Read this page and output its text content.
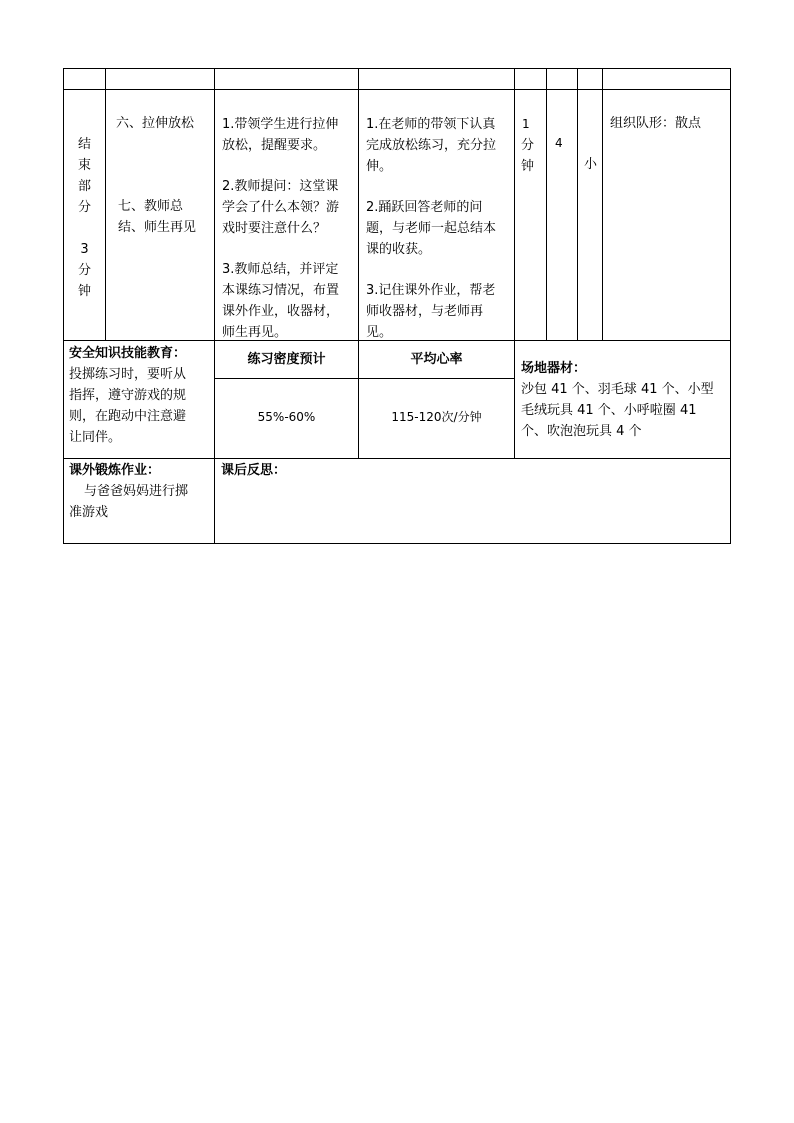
结
束
部
分
3
分
钟
六、拉伸放松
七、教师总
结、师生再见
1.带领学生进行拉伸
放松，提醒要求。
2.教师提问：这堂课
学会了什么本领？游
戏时要注意什么？
3.教师总结，并评定
本课练习情况，布置
课外作业，收器材，
师生再见。
1.在老师的带领下认真
完成放松练习，充分拉
伸。
2.踊跃回答老师的问
题，与老师一起总结本
课的收获。
3.记住课外作业，帮老
师收器材，与老师再
见。
1
分
钟
4
小
组织队形：散点
安全知识技能教育：
投掷练习时，要听从
指挥，遵守游戏的规
则，在跑动中注意避
让同伴。
练习密度预计
55%-60%
平均心率
115-120次/分钟
场地器材：
沙包 41 个、羽毛球 41 个、小型
毛绒玩具 41 个、小呼啦圈 41
个、吹泡泡玩具 4 个
课外锻炼作业：
与爸爸妈妈进行掷
准游戏
课后反思：
